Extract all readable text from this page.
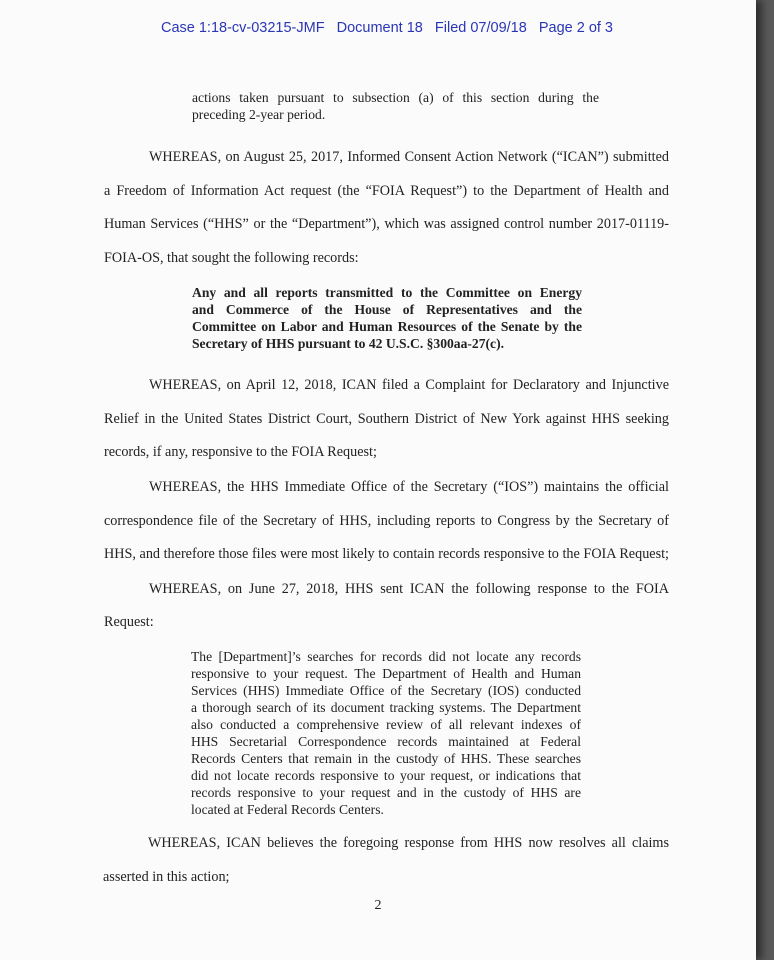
Case 1:18-cv-03215-JMF Document 18 Filed 07/09/18 Page 2 of 3
actions taken pursuant to subsection (a) of this section during the
preceding 2-year period.
WHEREAS, on August 25, 2017, Informed Consent Action Network (“ICAN”) submitted
a Freedom of Information Act request (the “FOIA Request”) to the Department of Health and
Human Services (“HHS” or the “Department”), which was assigned control number 2017-01119-
FOIA-OS, that sought the following records:
Any and all reports transmitted to the Committee on Energy
and Commerce of the House of Representatives and the
Committee on Labor and Human Resources of the Senate by the
Secretary of HHS pursuant to 42 U.S.C. §300aa-27(c).
WHEREAS, on April 12, 2018, ICAN filed a Complaint for Declaratory and Injunctive
Relief in the United States District Court, Southern District of New York against HHS seeking
records, if any, responsive to the FOIA Request;
WHEREAS, the HHS Immediate Office of the Secretary (“IOS”) maintains the official
correspondence file of the Secretary of HHS, including reports to Congress by the Secretary of
HHS, and therefore those files were most likely to contain records responsive to the FOIA Request;
WHEREAS, on June 27, 2018, HHS sent ICAN the following response to the FOIA
Request:
The [Department]’s searches for records did not locate any records
responsive to your request. The Department of Health and Human
Services (HHS) Immediate Office of the Secretary (IOS) conducted
a thorough search of its document tracking systems. The Department
also conducted a comprehensive review of all relevant indexes of
HHS Secretarial Correspondence records maintained at Federal
Records Centers that remain in the custody of HHS. These searches
did not locate records responsive to your request, or indications that
records responsive to your request and in the custody of HHS are
located at Federal Records Centers.
WHEREAS, ICAN believes the foregoing response from HHS now resolves all claims
asserted in this action;
2
